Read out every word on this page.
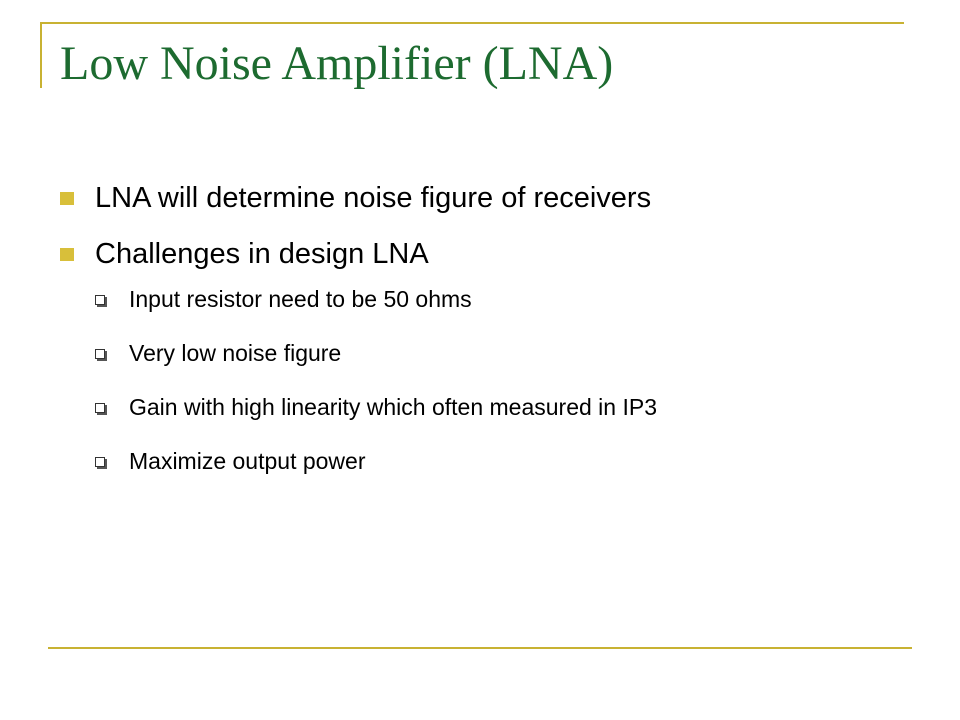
Low Noise Amplifier (LNA)
LNA will determine noise figure of receivers
Challenges in design LNA
Input resistor need to be 50 ohms
Very low noise figure
Gain with high linearity which often measured in IP3
Maximize output power
